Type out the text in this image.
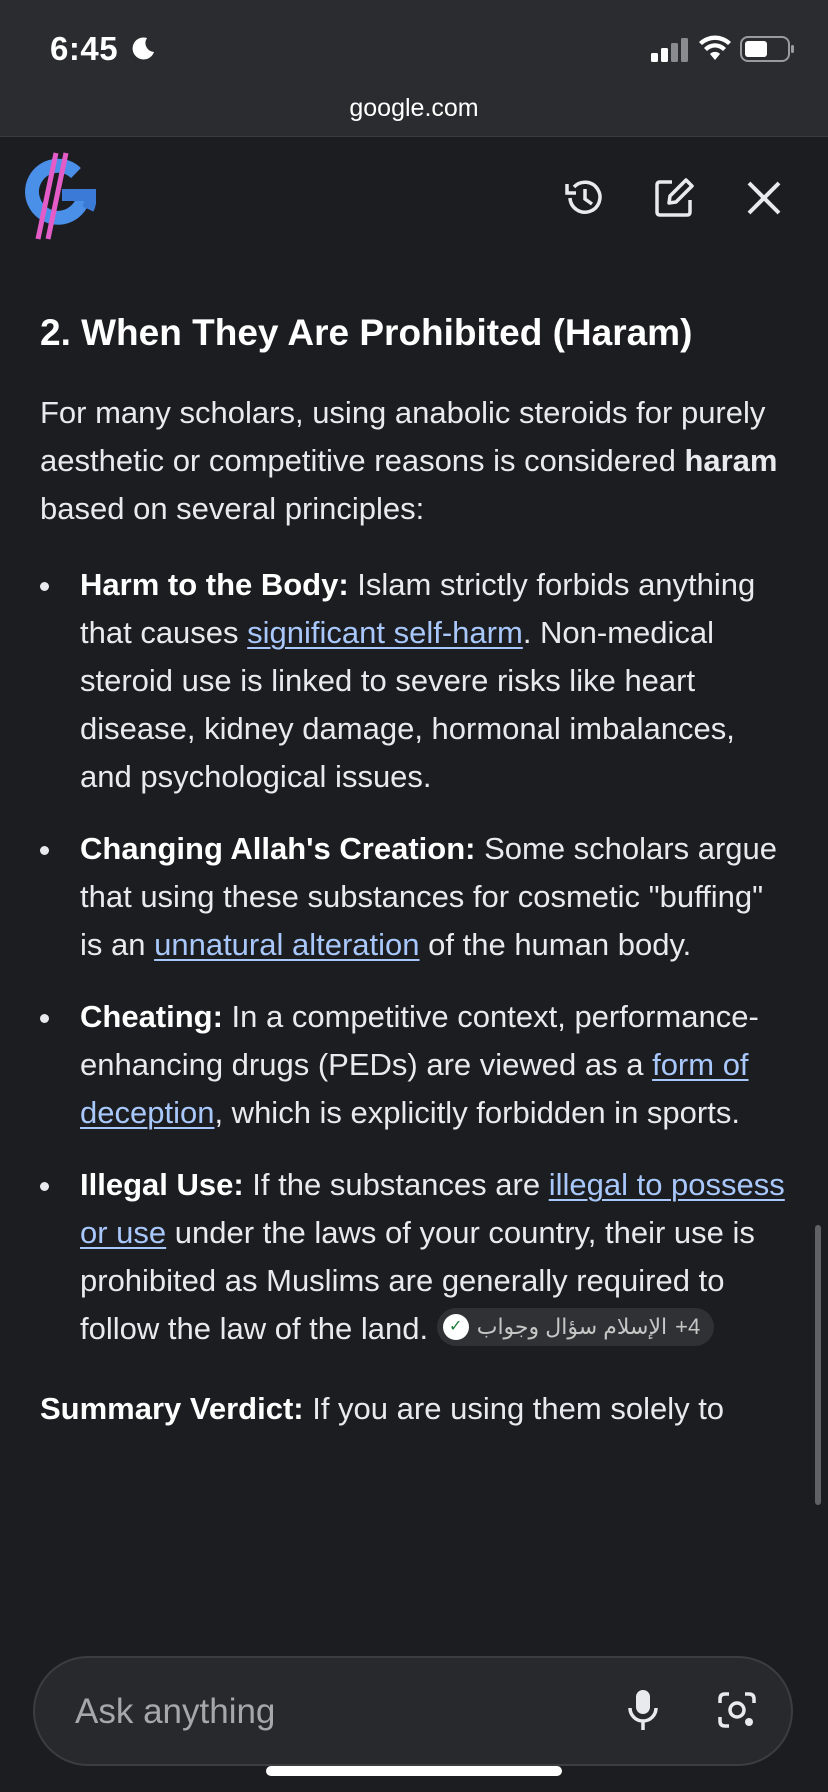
6:45
google.com
2. When They Are Prohibited (Haram)

For many scholars, using anabolic steroids for purely aesthetic or competitive reasons is considered haram based on several principles:

Harm to the Body: Islam strictly forbids anything that causes significant self-harm. Non-medical steroid use is linked to severe risks like heart disease, kidney damage, hormonal imbalances, and psychological issues.
Changing Allah's Creation: Some scholars argue that using these substances for cosmetic "buffing" is an unnatural alteration of the human body.
Cheating: In a competitive context, performance-enhancing drugs (PEDs) are viewed as a form of deception, which is explicitly forbidden in sports.
Illegal Use: If the substances are illegal to possess or use under the laws of your country, their use is prohibited as Muslims are generally required to follow the law of the land.	✓ الإسلام سؤال وجواب +4

Summary Verdict: If you are using them solely to

Ask anything
